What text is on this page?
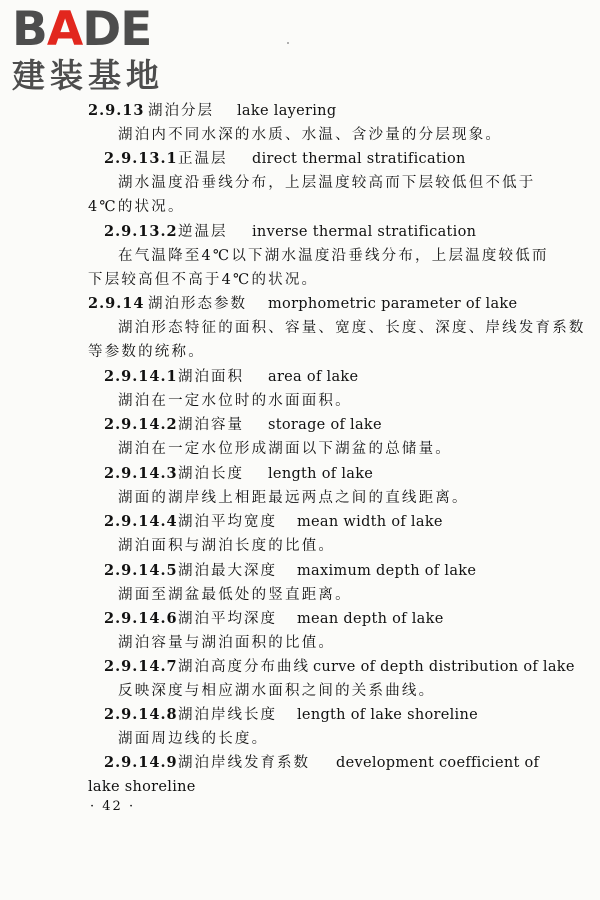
BADE
建装基地
2.9.13 湖泊分层 lake layering
湖泊内不同水深的水质、水温、含沙量的分层现象。
2.9.13.1 正温层 direct thermal stratification
湖水温度沿垂线分布，上层温度较高而下层较低但不低于
4℃的状况。
2.9.13.2 逆温层 inverse thermal stratification
在气温降至4℃以下湖水温度沿垂线分布，上层温度较低而
下层较高但不高于4℃的状况。
2.9.14 湖泊形态参数 morphometric parameter of lake
湖泊形态特征的面积、容量、宽度、长度、深度、岸线发育系数
等参数的统称。
2.9.14.1 湖泊面积 area of lake
湖泊在一定水位时的水面面积。
2.9.14.2 湖泊容量 storage of lake
湖泊在一定水位形成湖面以下湖盆的总储量。
2.9.14.3 湖泊长度 length of lake
湖面的湖岸线上相距最远两点之间的直线距离。
2.9.14.4 湖泊平均宽度 mean width of lake
湖泊面积与湖泊长度的比值。
2.9.14.5 湖泊最大深度 maximum depth of lake
湖面至湖盆最低处的竖直距离。
2.9.14.6 湖泊平均深度 mean depth of lake
湖泊容量与湖泊面积的比值。
2.9.14.7 湖泊高度分布曲线 curve of depth distribution of lake
反映深度与相应湖水面积之间的关系曲线。
2.9.14.8 湖泊岸线长度 length of lake shoreline
湖面周边线的长度。
2.9.14.9 湖泊岸线发育系数 development coefficient of
lake shoreline
· 42 ·
